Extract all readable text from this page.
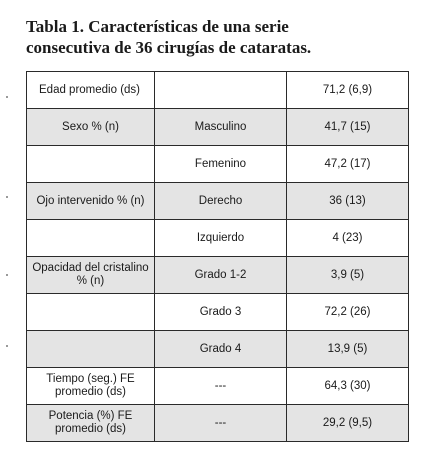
Tabla 1. Características de una serie
consecutiva de 36 cirugías de cataratas.
Edad promedio (ds)		71,2 (6,9)
Sexo % (n)	Masculino	41,7 (15)
	Femenino	47,2 (17)
Ojo intervenido % (n)	Derecho	36 (13)
	Izquierdo	4 (23)
Opacidad del cristalino % (n)	Grado 1-2	3,9 (5)
	Grado 3	72,2 (26)
	Grado 4	13,9 (5)
Tiempo (seg.) FE promedio (ds)	---	64,3 (30)
Potencia (%) FE promedio (ds)	---	29,2 (9,5)
